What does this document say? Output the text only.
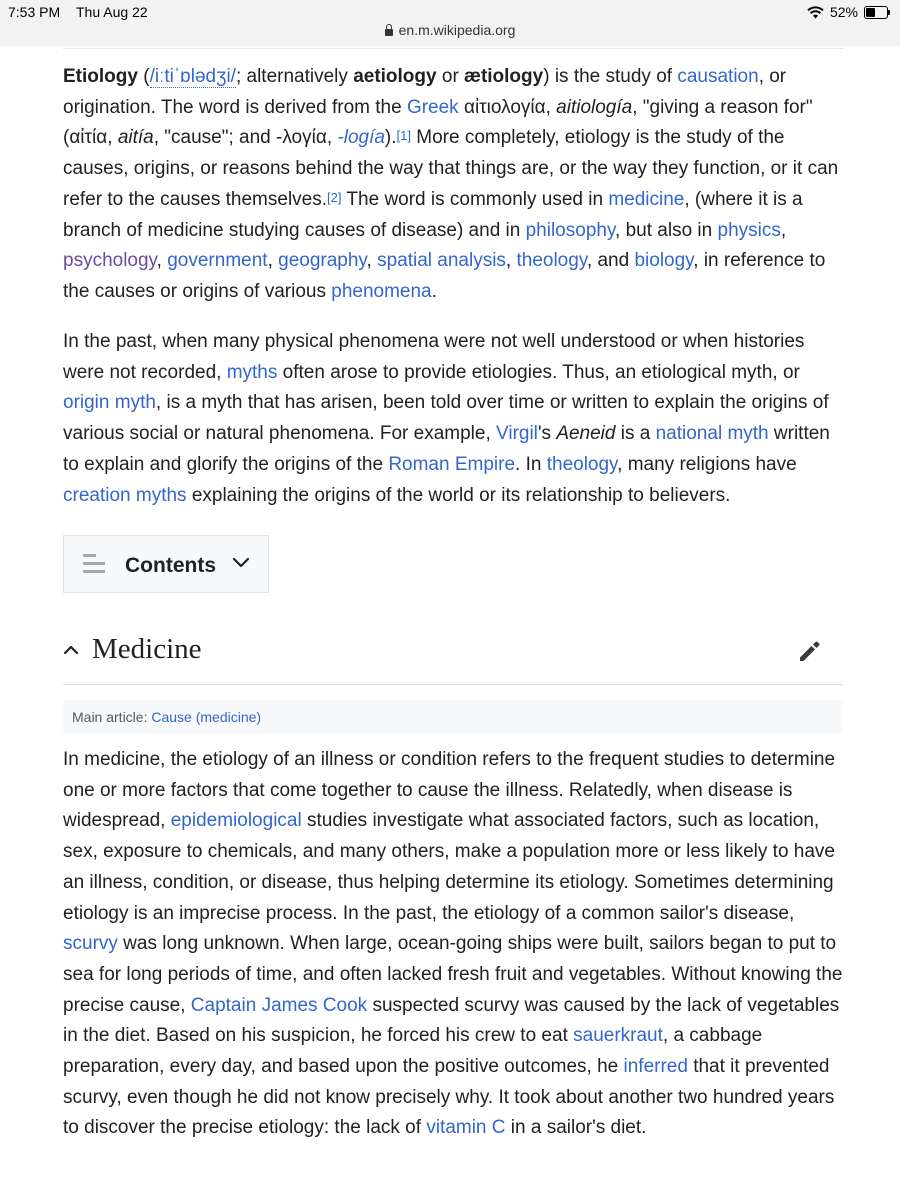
7:53 PM Thu Aug 22	52%
en.m.wikipedia.org

Etiology (/iːtiˈɒlədʒi/; alternatively aetiology or ætiology) is the study of causation, or origination. The word is derived from the Greek αἰτιολογία, aitiología, "giving a reason for" (αἰτία, aitía, "cause"; and -λογία, -logía).[1] More completely, etiology is the study of the causes, origins, or reasons behind the way that things are, or the way they function, or it can refer to the causes themselves.[2] The word is commonly used in medicine, (where it is a branch of medicine studying causes of disease) and in philosophy, but also in physics, psychology, government, geography, spatial analysis, theology, and biology, in reference to the causes or origins of various phenomena.

In the past, when many physical phenomena were not well understood or when histories were not recorded, myths often arose to provide etiologies. Thus, an etiological myth, or origin myth, is a myth that has arisen, been told over time or written to explain the origins of various social or natural phenomena. For example, Virgil's Aeneid is a national myth written to explain and glorify the origins of the Roman Empire. In theology, many religions have creation myths explaining the origins of the world or its relationship to believers.

Contents
Medicine
Main article: Cause (medicine)

In medicine, the etiology of an illness or condition refers to the frequent studies to determine one or more factors that come together to cause the illness. Relatedly, when disease is widespread, epidemiological studies investigate what associated factors, such as location, sex, exposure to chemicals, and many others, make a population more or less likely to have an illness, condition, or disease, thus helping determine its etiology. Sometimes determining etiology is an imprecise process. In the past, the etiology of a common sailor's disease, scurvy was long unknown. When large, ocean-going ships were built, sailors began to put to sea for long periods of time, and often lacked fresh fruit and vegetables. Without knowing the precise cause, Captain James Cook suspected scurvy was caused by the lack of vegetables in the diet. Based on his suspicion, he forced his crew to eat sauerkraut, a cabbage preparation, every day, and based upon the positive outcomes, he inferred that it prevented scurvy, even though he did not know precisely why. It took about another two hundred years to discover the precise etiology: the lack of vitamin C in a sailor's diet.
